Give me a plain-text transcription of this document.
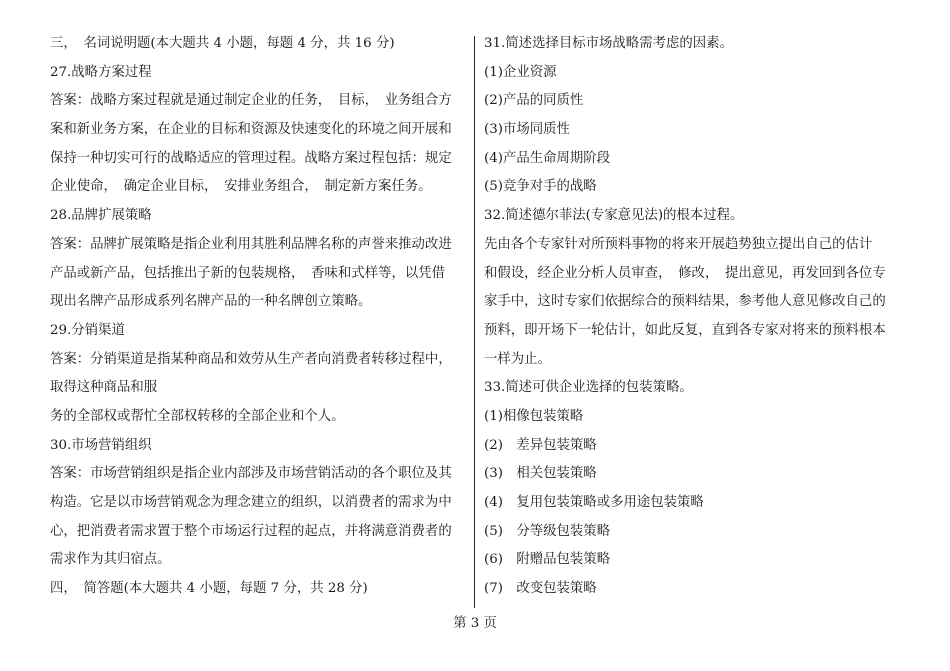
三，　名词说明题(本大题共 4 小题，每题 4 分，共 16 分)
27.战略方案过程
答案：战略方案过程就是通过制定企业的任务，　目标，　业务组合方
案和新业务方案，在企业的目标和资源及快速变化的环境之间开展和
保持一种切实可行的战略适应的管理过程。战略方案过程包括：规定
企业使命，　确定企业目标，　安排业务组合，　制定新方案任务。
28.品牌扩展策略
答案：品牌扩展策略是指企业利用其胜利品牌名称的声誉来推动改进
产品或新产品，包括推出子新的包装规格，　香味和式样等，以凭借
现出名牌产品形成系列名牌产品的一种名牌创立策略。
29.分销渠道
答案：分销渠道是指某种商品和效劳从生产者向消费者转移过程中，
取得这种商品和服
务的全部权或帮忙全部权转移的全部企业和个人。
30.市场营销组织
答案：市场营销组织是指企业内部涉及市场营销活动的各个职位及其
构造。它是以市场营销观念为理念建立的组织，以消费者的需求为中
心，把消费者需求置于整个市场运行过程的起点，并将满意消费者的
需求作为其归宿点。
四，　简答题(本大题共 4 小题，每题 7 分，共 28 分)
31.简述选择目标市场战略需考虑的因素。
(1)企业资源
(2)产品的同质性
(3)市场同质性
(4)产品生命周期阶段
(5)竞争对手的战略
32.简述德尔菲法(专家意见法)的根本过程。
先由各个专家针对所预料事物的将来开展趋势独立提出自己的估计
和假设，经企业分析人员审查，　修改，　提出意见，再发回到各位专
家手中，这时专家们依据综合的预料结果，参考他人意见修改自己的
预料，即开场下一轮估计，如此反复，直到各专家对将来的预料根本
一样为止。
33.简述可供企业选择的包装策略。
(1)相像包装策略
(2)　差异包装策略
(3)　相关包装策略
(4)　复用包装策略或多用途包装策略
(5)　分等级包装策略
(6)　附赠品包装策略
(7)　改变包装策略
第 3 页
